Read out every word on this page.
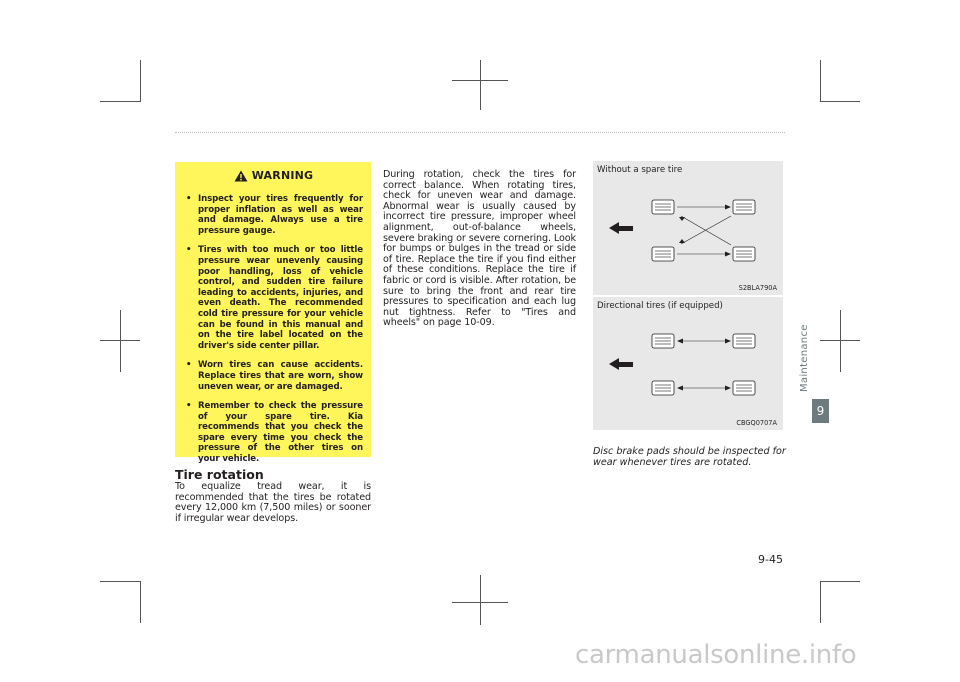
WARNING
• Inspect your tires frequently for proper inflation as well as wear and damage. Always use a tire pressure gauge.
• Tires with too much or too little pressure wear unevenly causing poor handling, loss of vehicle control, and sudden tire failure leading to accidents, injuries, and even death. The recommended cold tire pressure for your vehicle can be found in this manual and on the tire label located on the driver's side center pillar.
• Worn tires can cause accidents. Replace tires that are worn, show uneven wear, or are damaged.
• Remember to check the pressure of your spare tire. Kia recommends that you check the spare every time you check the pressure of the other tires on your vehicle.
Tire rotation
To equalize tread wear, it is recommended that the tires be rotated every 12,000 km (7,500 miles) or sooner if irregular wear develops.
During rotation, check the tires for correct balance. When rotating tires, check for uneven wear and damage. Abnormal wear is usually caused by incorrect tire pressure, improper wheel alignment, out-of-balance wheels, severe braking or severe cornering. Look for bumps or bulges in the tread or side of tire. Replace the tire if you find either of these conditions. Replace the tire if fabric or cord is visible. After rotation, be sure to bring the front and rear tire pressures to specification and each lug nut tightness. Refer to "Tires and wheels" on page 10-09.
Without a spare tire
S2BLA790A
Directional tires (if equipped)
CBGQ0707A
Disc brake pads should be inspected for wear whenever tires are rotated.
Maintenance
9
9-45
carmanualsonline.info
